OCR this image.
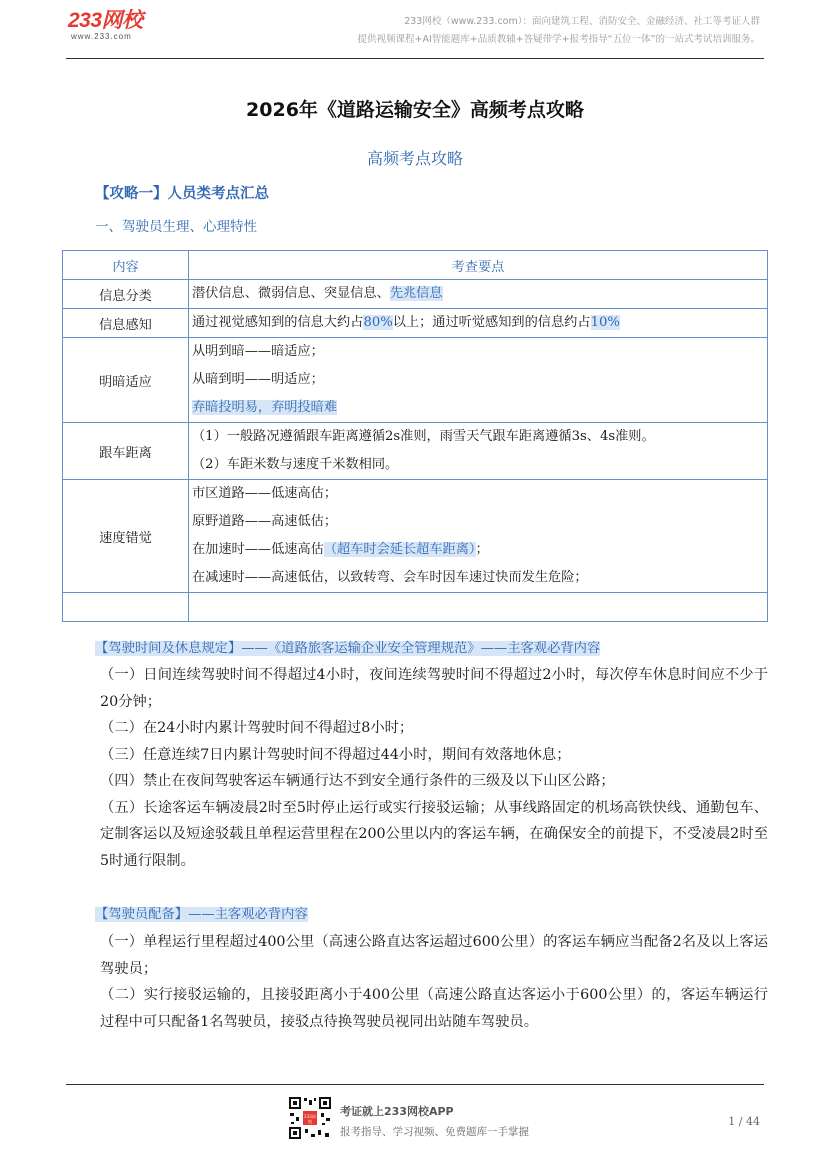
233网校
www.233.com
233网校（www.233.com）：面向建筑工程、消防安全、金融经济、社工等考证人群
提供视频课程+AI智能题库+品质教辅+答疑带学+报考指导“五位一体”的一站式考试培训服务。
2026年《道路运输安全》高频考点攻略
高频考点攻略
【攻略一】人员类考点汇总
一、驾驶员生理、心理特性
内容	考查要点
信息分类	潜伏信息、微弱信息、突显信息、先兆信息

信息感知	通过视觉感知到的信息大约占80%以上；通过听觉感知到的信息约占10%

明暗适应	从明到暗——暗适应；
从暗到明——明适应；
弃暗投明易，弃明投暗难

跟车距离	（1）一般路况遵循跟车距离遵循2s准则，雨雪天气跟车距离遵循3s、4s准则。
（2）车距米数与速度千米数相同。

速度错觉	市区道路——低速高估；
原野道路——高速低估；
在加速时——低速高估（超车时会延长超车距离）；
在减速时——高速低估，以致转弯、会车时因车速过快而发生危险；

【驾驶时间及休息规定】——《道路旅客运输企业安全管理规范》——主客观必背内容
（一）日间连续驾驶时间不得超过4小时，夜间连续驾驶时间不得超过2小时，每次停车休息时间应不少于20分钟；
（二）在24小时内累计驾驶时间不得超过8小时；
（三）任意连续7日内累计驾驶时间不得超过44小时，期间有效落地休息；
（四）禁止在夜间驾驶客运车辆通行达不到安全通行条件的三级及以下山区公路；
（五）长途客运车辆凌晨2时至5时停止运行或实行接驳运输；从事线路固定的机场高铁快线、通勤包车、定制客运以及短途驳载且单程运营里程在200公里以内的客运车辆，在确保安全的前提下，不受凌晨2时至5时通行限制。
【驾驶员配备】——主客观必背内容
（一）单程运行里程超过400公里（高速公路直达客运超过600公里）的客运车辆应当配备2名及以上客运驾驶员；
（二）实行接驳运输的，且接驳距离小于400公里（高速公路直达客运小于600公里）的，客运车辆运行过程中可只配备1名驾驶员，接驳点待换驾驶员视同出站随车驾驶员。
233网校
考证就上233网校APP
报考指导、学习视频、免费题库一手掌握
1 / 44
